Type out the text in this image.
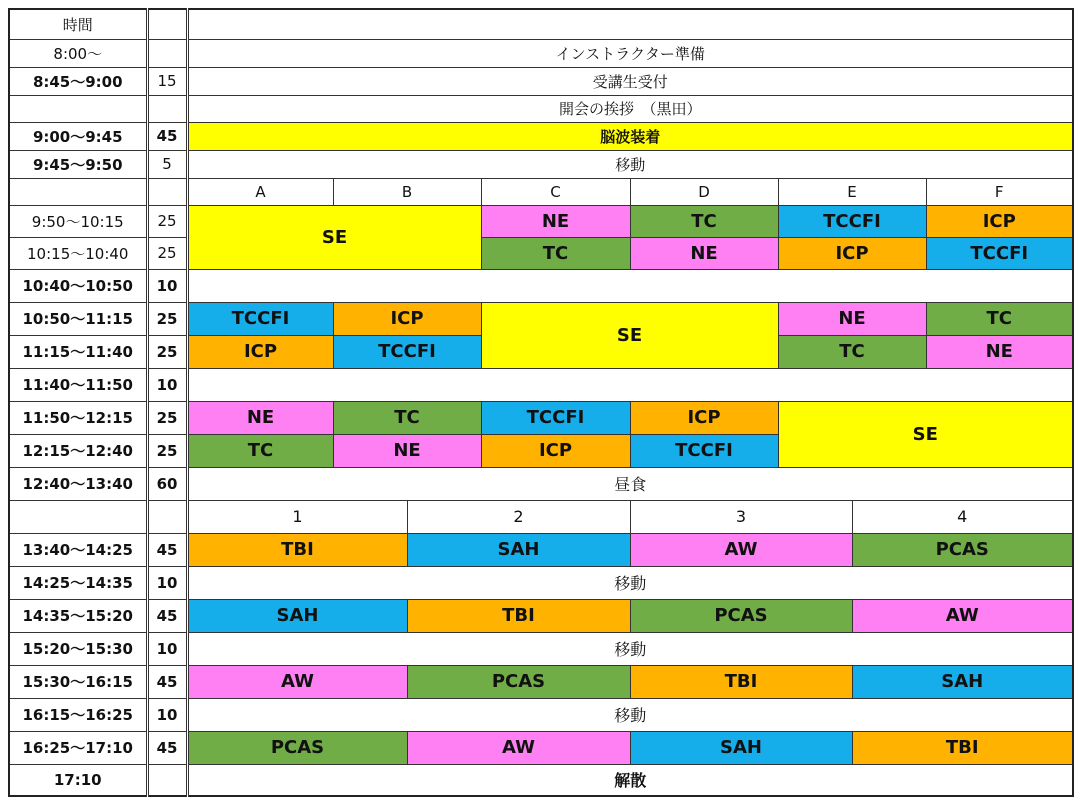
時間									
8:00～		インストラクター準備							
8:45～9:00	15	受講生受付							
		開会の挨拶　（黒田）							
9:00～9:45	45	脳波装着							
9:45～9:50	5	移動							
		A	B		C	D	E		F
9:50～10:15	25	SE			NE	TC	TCCFI		ICP
10:15～10:40	25				TC	NE	ICP		TCCFI
10:40～10:50	10								
10:50～11:15	25	TCCFI	ICP		SE		NE		TC
11:15～11:40	25	ICP	TCCFI				TC		NE
11:40～11:50	10								
11:50～12:15	25	NE	TC		TCCFI	ICP	SE		
12:15～12:40	25	TC	NE		ICP	TCCFI			
12:40～13:40	60	昼食							
		1		2		3		4	
13:40～14:25	45	TBI		SAH		AW		PCAS	
14:25～14:35	10	移動							
14:35～15:20	45	SAH		TBI		PCAS		AW	
15:20～15:30	10	移動							
15:30～16:15	45	AW		PCAS		TBI		SAH	
16:15～16:25	10	移動							
16:25～17:10	45	PCAS		AW		SAH		TBI	
17:10		解散							
